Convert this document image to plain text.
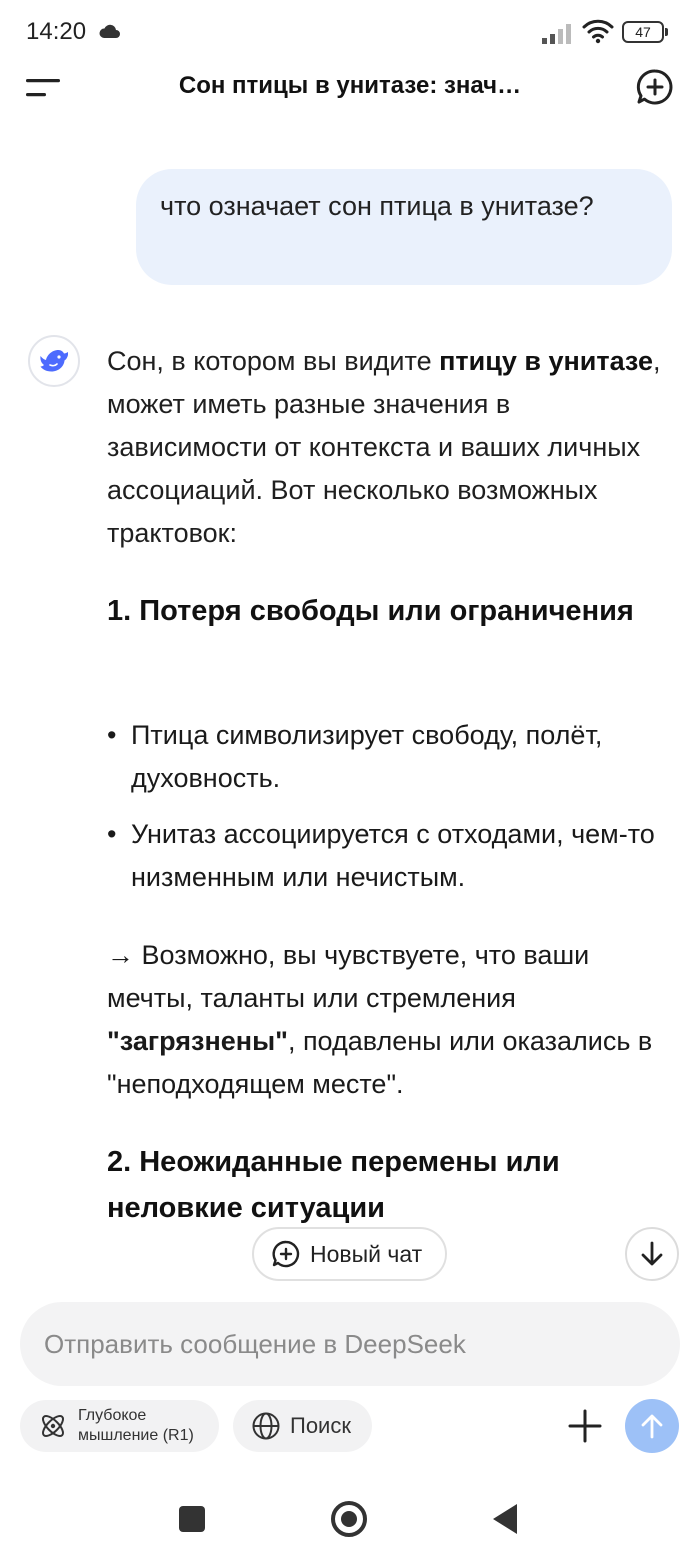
14:20	47
Сон птицы в унитазе: знач…
что означает сон птица в унитазе?

Сон, в котором вы видите птицу в унитазе, может иметь разные значения в зависимости от контекста и ваших личных ассоциаций. Вот несколько возможных трактовок:

1. Потеря свободы или ограничения
• Птица символизирует свободу, полёт, духовность.
• Унитаз ассоциируется с отходами, чем-то низменным или нечистым.
→ Возможно, вы чувствуете, что ваши мечты, таланты или стремления "загрязнены", подавлены или оказались в "неподходящем месте".
2. Неожиданные перемены или неловкие ситуации
Новый чат
Отправить сообщение в DeepSeek
Глубокое
мышление (R1)	Поиск
